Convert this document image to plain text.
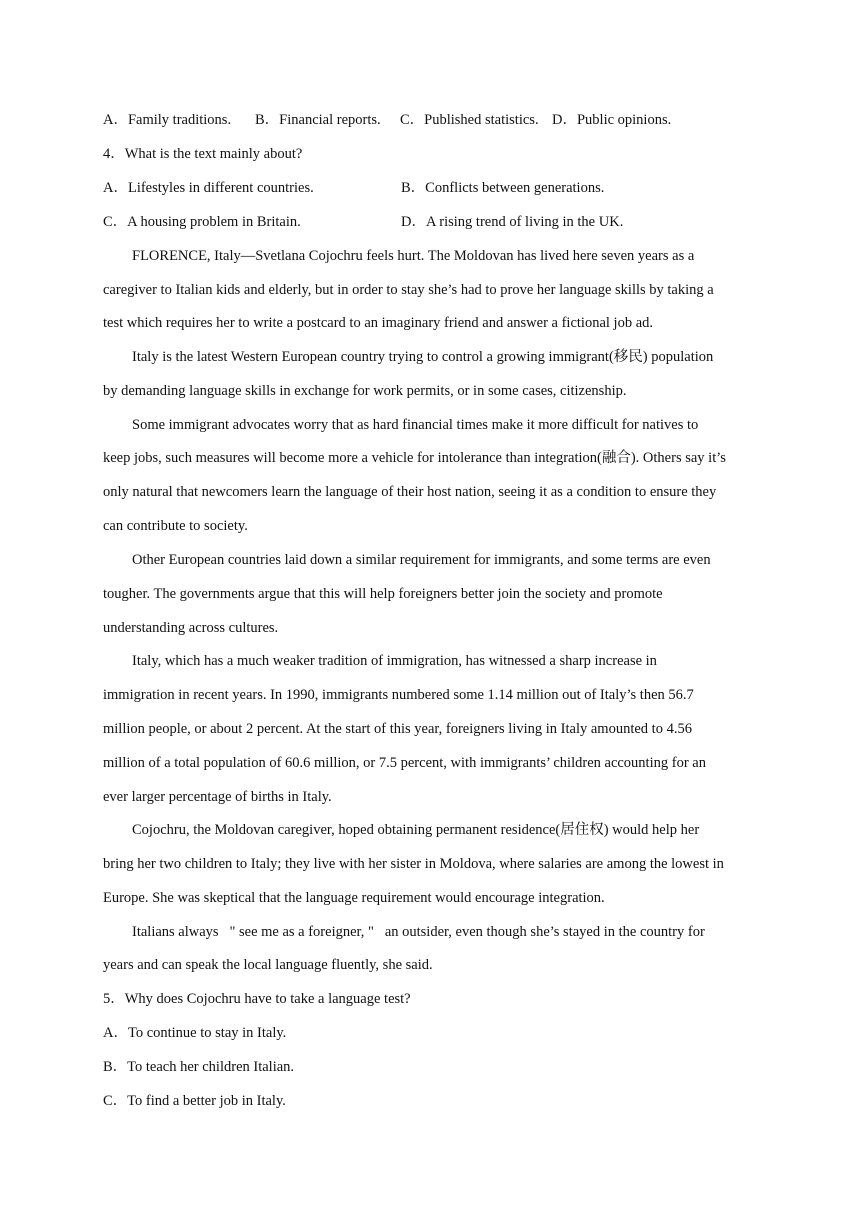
A．Family traditions. B．Financial reports. C．Published statistics. D．Public opinions.
4．What is the text mainly about?
A．Lifestyles in different countries.	B．Conflicts between generations.
C．A housing problem in Britain.	D．A rising trend of living in the UK.
FLORENCE, Italy—Svetlana Cojochru feels hurt. The Moldovan has lived here seven years as a
caregiver to Italian kids and elderly, but in order to stay she’s had to prove her language skills by taking a
test which requires her to write a postcard to an imaginary friend and answer a fictional job ad.
Italy is the latest Western European country trying to control a growing immigrant(移民) population
by demanding language skills in exchange for work permits, or in some cases, citizenship.
Some immigrant advocates worry that as hard financial times make it more difficult for natives to
keep jobs, such measures will become more a vehicle for intolerance than integration(融合). Others say it’s
only natural that newcomers learn the language of their host nation, seeing it as a condition to ensure they
can contribute to society.
Other European countries laid down a similar requirement for immigrants, and some terms are even
tougher. The governments argue that this will help foreigners better join the society and promote
understanding across cultures.
Italy, which has a much weaker tradition of immigration, has witnessed a sharp increase in
immigration in recent years. In 1990, immigrants numbered some 1.14 million out of Italy’s then 56.7
million people, or about 2 percent. At the start of this year, foreigners living in Italy amounted to 4.56
million of a total population of 60.6 million, or 7.5 percent, with immigrants’ children accounting for an
ever larger percentage of births in Italy.
Cojochru, the Moldovan caregiver, hoped obtaining permanent residence(居住权) would help her
bring her two children to Italy; they live with her sister in Moldova, where salaries are among the lowest in
Europe. She was skeptical that the language requirement would encourage integration.
Italians always   " see me as a foreigner, "   an outsider, even though she’s stayed in the country for
years and can speak the local language fluently, she said.
5．Why does Cojochru have to take a language test?
A．To continue to stay in Italy.
B．To teach her children Italian.
C．To find a better job in Italy.
